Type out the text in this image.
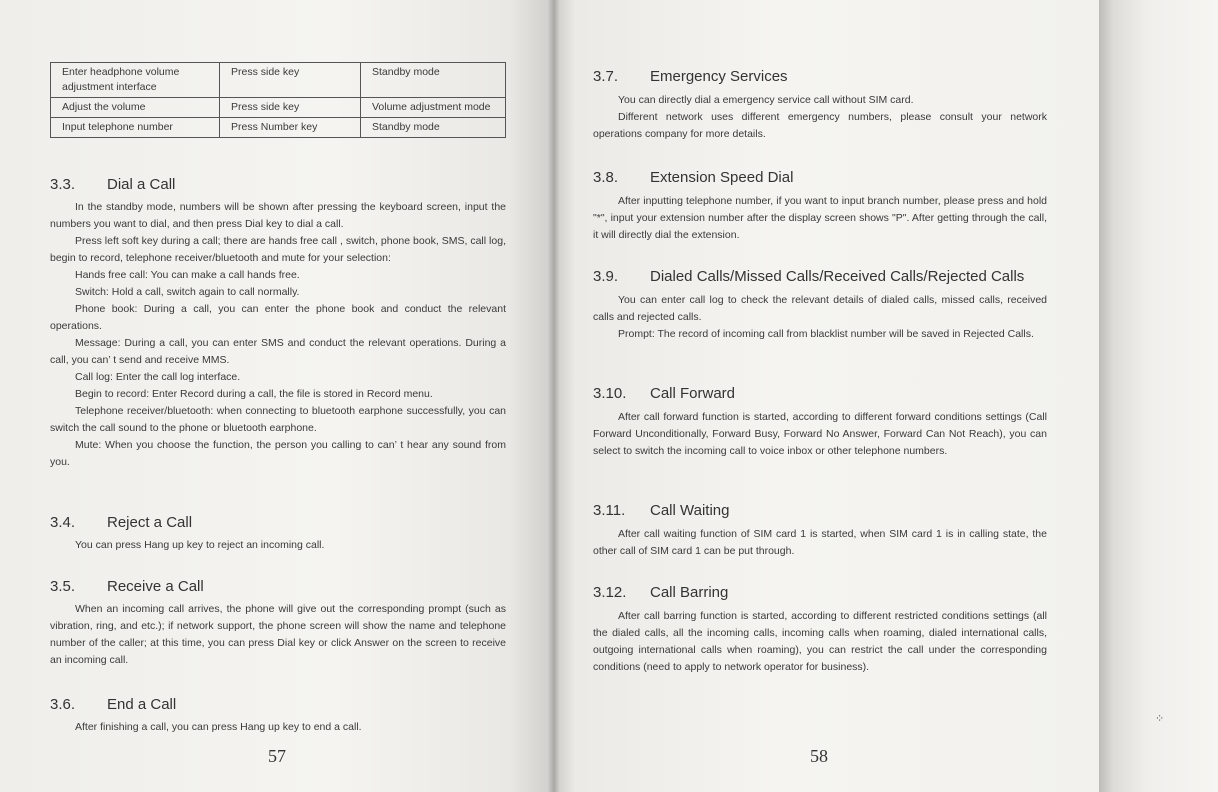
Enter headphone volume adjustment interface	Press side key	Standby mode
Adjust the volume	Press side key	Volume adjustment mode
Input telephone number	Press Number key	Standby mode
3.3.	Dial a Call

In the standby mode, numbers will be shown after pressing the keyboard screen, input the numbers you want to dial, and then press Dial key to dial a call.

Press left soft key during a call; there are hands free call , switch, phone book, SMS, call log, begin to record, telephone receiver/bluetooth and mute for your selection:

Hands free call: You can make a call hands free.

Switch: Hold a call, switch again to call normally.

Phone book: During a call, you can enter the phone book and conduct the relevant operations.

Message: During a call, you can enter SMS and conduct the relevant operations. During a call, you can’ t send and receive MMS.

Call log: Enter the call log interface.

Begin to record: Enter Record during a call, the file is stored in Record menu.

Telephone receiver/bluetooth: when connecting to bluetooth earphone successfully, you can switch the call sound to the phone or bluetooth earphone.

Mute: When you choose the function, the person you calling to can’ t hear any sound from you.

3.4.	Reject a Call

You can press Hang up key to reject an incoming call.

3.5.	Receive a Call

When an incoming call arrives, the phone will give out the corresponding prompt (such as vibration, ring, and etc.); if network support, the phone screen will show the name and telephone number of the caller; at this time, you can press Dial key or click Answer on the screen to receive an incoming call.

3.6.	End a Call

After finishing a call, you can press Hang up key to end a call.

57
3.7.	Emergency Services

You can directly dial a emergency service call without SIM card.

Different network uses different emergency numbers, please consult your network operations company for more details.

3.8.	Extension Speed Dial

After inputting telephone number, if you want to input branch number, please press and hold "*", input your extension number after the display screen shows "P". After getting through the call, it will directly dial the extension.

3.9.	Dialed Calls/Missed Calls/Received Calls/Rejected Calls

You can enter call log to check the relevant details of dialed calls, missed calls, received calls and rejected calls.

Prompt: The record of incoming call from blacklist number will be saved in Rejected Calls.

3.10.	Call Forward

After call forward function is started, according to different forward conditions settings (Call Forward Unconditionally, Forward Busy, Forward No Answer, Forward Can Not Reach), you can select to switch the incoming call to voice inbox or other telephone numbers.

3.11.	Call Waiting

After call waiting function of SIM card 1 is started, when SIM card 1 is in calling state, the other call of SIM card 1 can be put through.

3.12.	Call Barring

After call barring function is started, according to different restricted conditions settings (all the dialed calls, all the incoming calls, incoming calls when roaming, dialed international calls, outgoing international calls when roaming), you can restrict the call under the corresponding conditions (need to apply to network operator for business).

58
⁘
